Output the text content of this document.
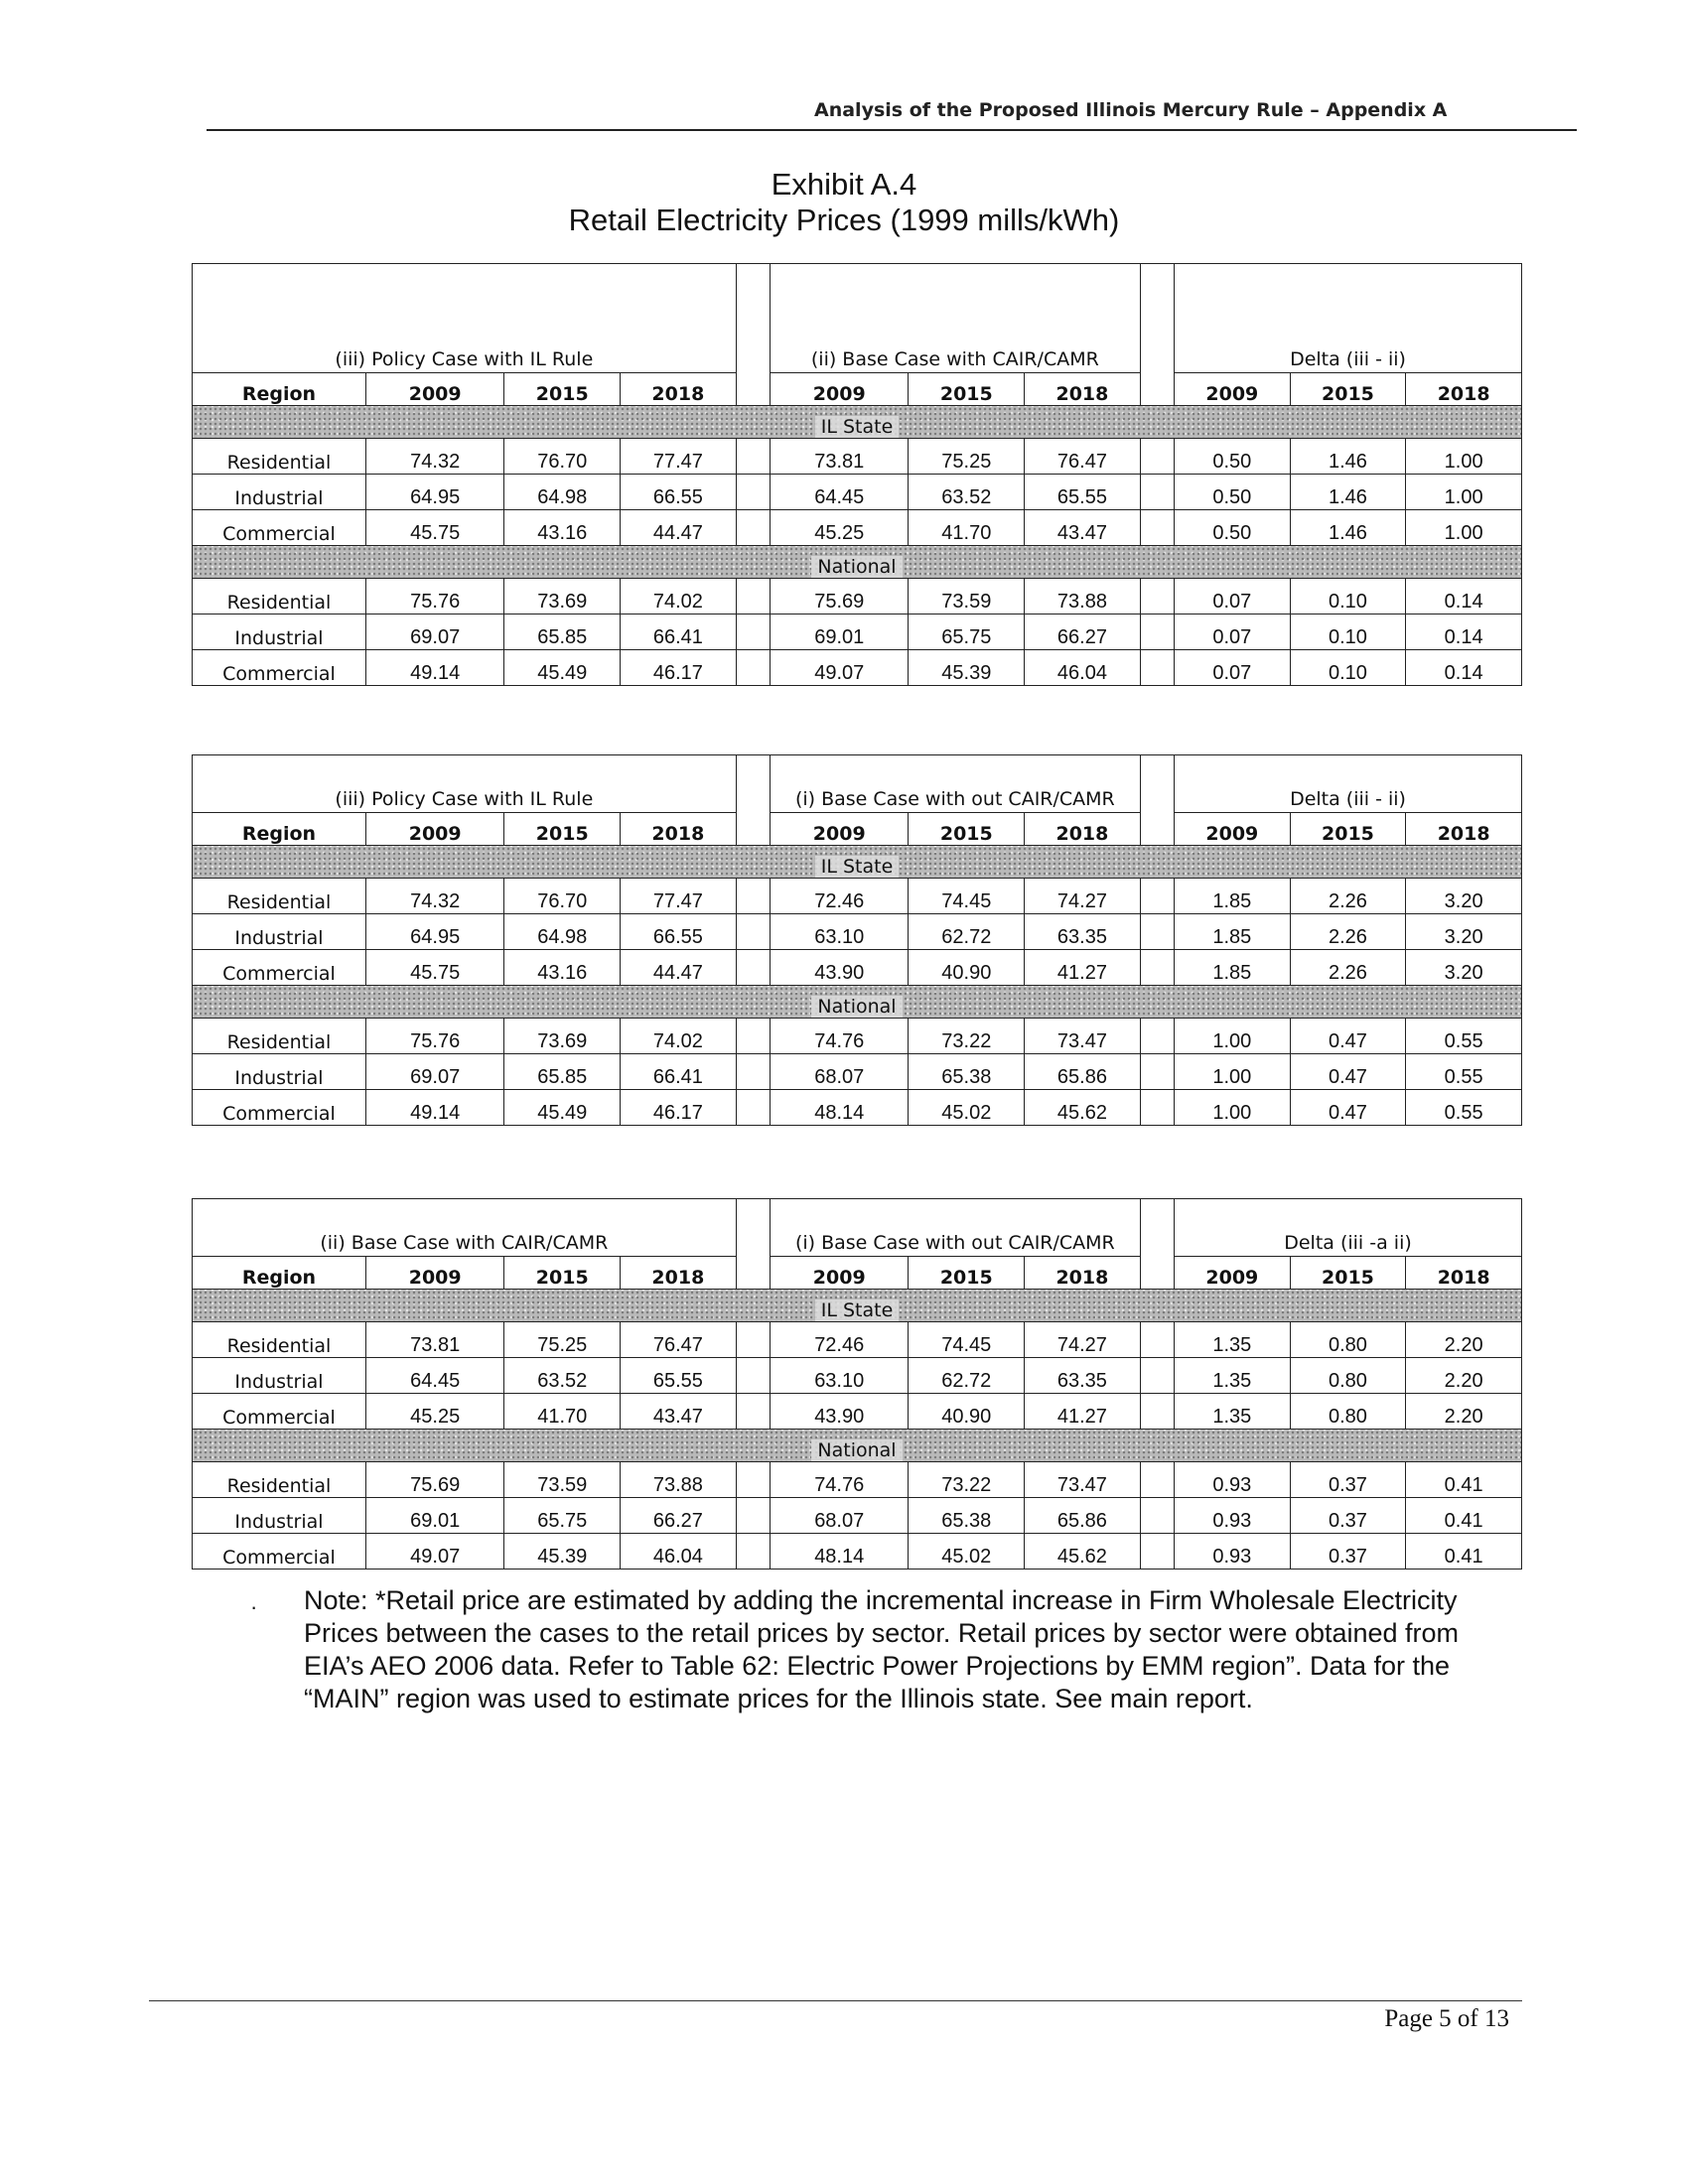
Analysis of the Proposed Illinois Mercury Rule – Appendix A
Exhibit A.4
Retail Electricity Prices (1999 mills/kWh)
(iii) Policy Case with IL Rule					(ii) Base Case with CAIR/CAMR				Delta (iii - ii)		
Region	2009	2015	2018		2009	2015	2018		2009	2015	2018
IL State											
Residential	74.32	76.70	77.47		73.81	75.25	76.47		0.50	1.46	1.00
Industrial	64.95	64.98	66.55		64.45	63.52	65.55		0.50	1.46	1.00
Commercial	45.75	43.16	44.47		45.25	41.70	43.47		0.50	1.46	1.00
National											
Residential	75.76	73.69	74.02		75.69	73.59	73.88		0.07	0.10	0.14
Industrial	69.07	65.85	66.41		69.01	65.75	66.27		0.07	0.10	0.14
Commercial	49.14	45.49	46.17		49.07	45.39	46.04		0.07	0.10	0.14
(iii) Policy Case with IL Rule					(i) Base Case with out CAIR/CAMR				Delta (iii - ii)		
Region	2009	2015	2018		2009	2015	2018		2009	2015	2018
IL State											
Residential	74.32	76.70	77.47		72.46	74.45	74.27		1.85	2.26	3.20
Industrial	64.95	64.98	66.55		63.10	62.72	63.35		1.85	2.26	3.20
Commercial	45.75	43.16	44.47		43.90	40.90	41.27		1.85	2.26	3.20
National											
Residential	75.76	73.69	74.02		74.76	73.22	73.47		1.00	0.47	0.55
Industrial	69.07	65.85	66.41		68.07	65.38	65.86		1.00	0.47	0.55
Commercial	49.14	45.49	46.17		48.14	45.02	45.62		1.00	0.47	0.55
(ii) Base Case with CAIR/CAMR					(i) Base Case with out CAIR/CAMR				Delta (iii -a ii)		
Region	2009	2015	2018		2009	2015	2018		2009	2015	2018
IL State											
Residential	73.81	75.25	76.47		72.46	74.45	74.27		1.35	0.80	2.20
Industrial	64.45	63.52	65.55		63.10	62.72	63.35		1.35	0.80	2.20
Commercial	45.25	41.70	43.47		43.90	40.90	41.27		1.35	0.80	2.20
National											
Residential	75.69	73.59	73.88		74.76	73.22	73.47		0.93	0.37	0.41
Industrial	69.01	65.75	66.27		68.07	65.38	65.86		0.93	0.37	0.41
Commercial	49.07	45.39	46.04		48.14	45.02	45.62		0.93	0.37	0.41
· Note: *Retail price are estimated by adding the incremental increase in Firm Wholesale Electricity Prices between the cases to the retail prices by sector. Retail prices by sector were obtained from EIA’s AEO 2006 data. Refer to Table 62: Electric Power Projections by EMM region”. Data for the “MAIN” region was used to estimate prices for the Illinois state. See main report.
Page 5 of 13
